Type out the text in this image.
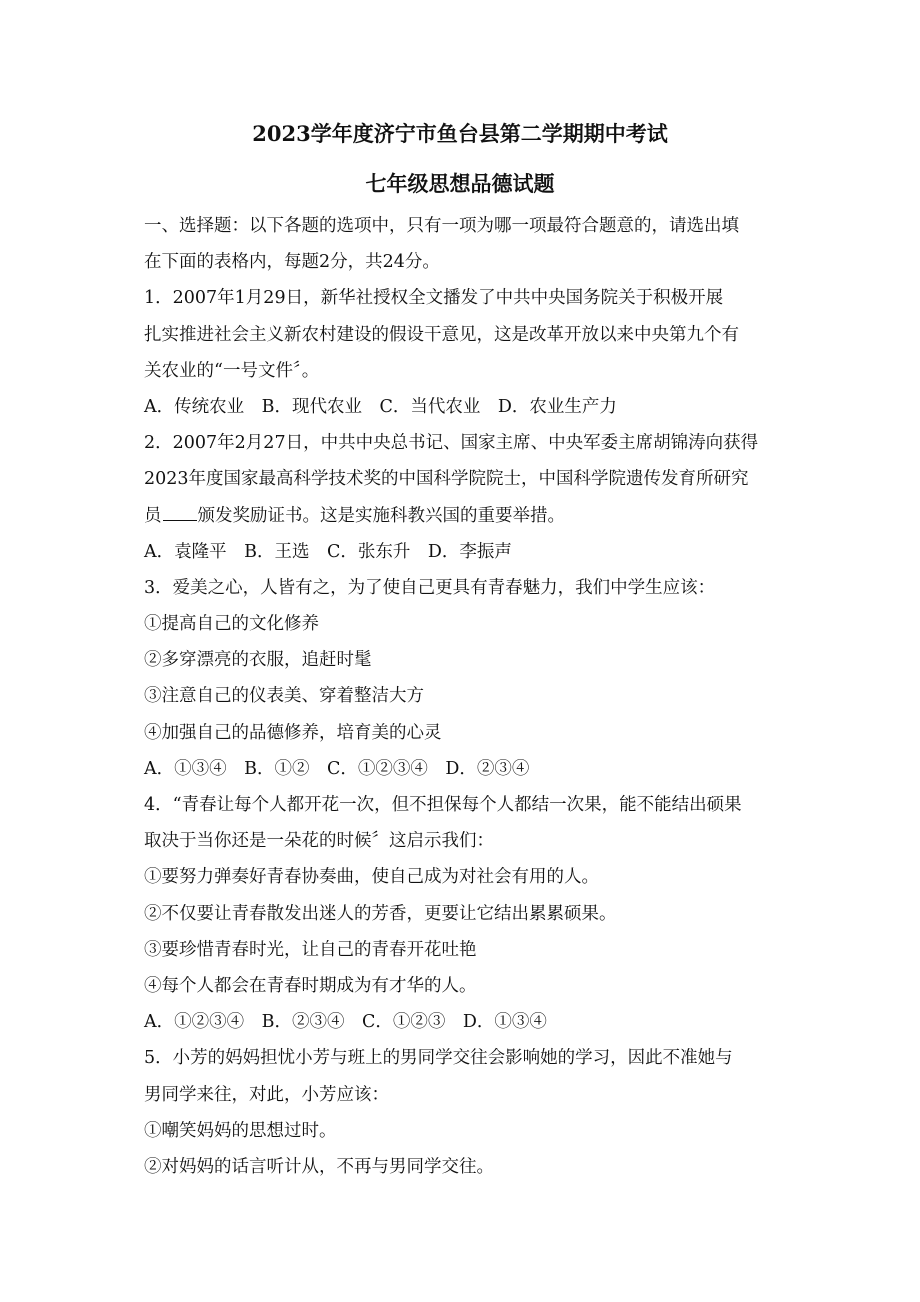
2023学年度济宁市鱼台县第二学期期中考试
七年级思想品德试题
一、选择题：以下各题的选项中，只有一项为哪一项最符合题意的，请选出填
在下面的表格内，每题2分，共24分。
1．2007年1月29日，新华社授权全文播发了中共中央国务院关于积极开展
扎实推进社会主义新农村建设的假设干意见，这是改革开放以来中央第九个有
关农业的“一号文件〞。
A．传统农业　B．现代农业　C．当代农业　D．农业生产力
2．2007年2月27日，中共中央总书记、国家主席、中央军委主席胡锦涛向获得
2023年度国家最高科学技术奖的中国科学院院士，中国科学院遗传发育所研究
员 颁发奖励证书。这是实施科教兴国的重要举措。
A．袁隆平　B．王选　C．张东升　D．李振声
3．爱美之心，人皆有之，为了使自己更具有青春魅力，我们中学生应该：
①提高自己的文化修养
②多穿漂亮的衣服，追赶时髦
③注意自己的仪表美、穿着整洁大方
④加强自己的品德修养，培育美的心灵
A．①③④　B．①②　C．①②③④　D．②③④
4．“青春让每个人都开花一次，但不担保每个人都结一次果，能不能结出硕果
取决于当你还是一朵花的时候〞这启示我们：
①要努力弹奏好青春协奏曲，使自己成为对社会有用的人。
②不仅要让青春散发出迷人的芳香，更要让它结出累累硕果。
③要珍惜青春时光，让自己的青春开花吐艳
④每个人都会在青春时期成为有才华的人。
A．①②③④　B．②③④　C．①②③　D．①③④
5．小芳的妈妈担忧小芳与班上的男同学交往会影响她的学习，因此不准她与
男同学来往，对此，小芳应该：
①嘲笑妈妈的思想过时。
②对妈妈的话言听计从，不再与男同学交往。
